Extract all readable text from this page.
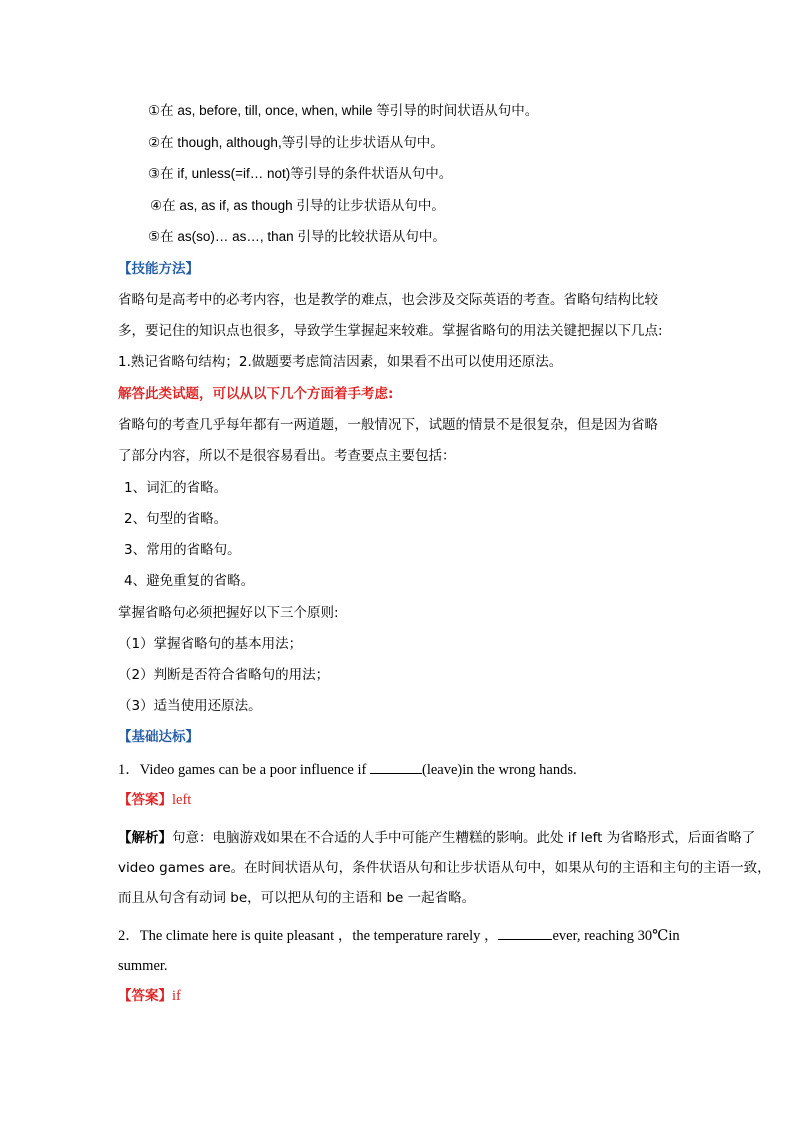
①在 as, before, till, once, when, while 等引导的时间状语从句中。
②在 though, although,等引导的让步状语从句中。
③在 if, unless(=if… not)等引导的条件状语从句中。
④在 as, as if, as though 引导的让步状语从句中。
⑤在 as(so)… as…, than 引导的比较状语从句中。
【技能方法】
省略句是高考中的必考内容，也是教学的难点，也会涉及交际英语的考查。省略句结构比较
多，要记住的知识点也很多，导致学生掌握起来较难。掌握省略句的用法关键把握以下几点:
1.熟记省略句结构；2.做题要考虑简洁因素，如果看不出可以使用还原法。
解答此类试题，可以从以下几个方面着手考虑:
省略句的考查几乎每年都有一两道题，一般情况下，试题的情景不是很复杂，但是因为省略
了部分内容，所以不是很容易看出。考查要点主要包括：
1、词汇的省略。
2、句型的省略。
3、常用的省略句。
4、避免重复的省略。
掌握省略句必须把握好以下三个原则:
（1）掌握省略句的基本用法；
（2）判断是否符合省略句的用法；
（3）适当使用还原法。
【基础达标】
1．Video games can be a poor influence if	(leave)in the wrong hands.
【答案】left
【解析】句意：电脑游戏如果在不合适的人手中可能产生糟糕的影响。此处 if left 为省略形式，后面省略了
video games are。在时间状语从句，条件状语从句和让步状语从句中，如果从句的主语和主句的主语一致，
而且从句含有动词 be，可以把从句的主语和 be 一起省略。
2．The climate here is quite pleasant ，the temperature rarely ，	ever, reaching 30℃in
summer.
【答案】if
